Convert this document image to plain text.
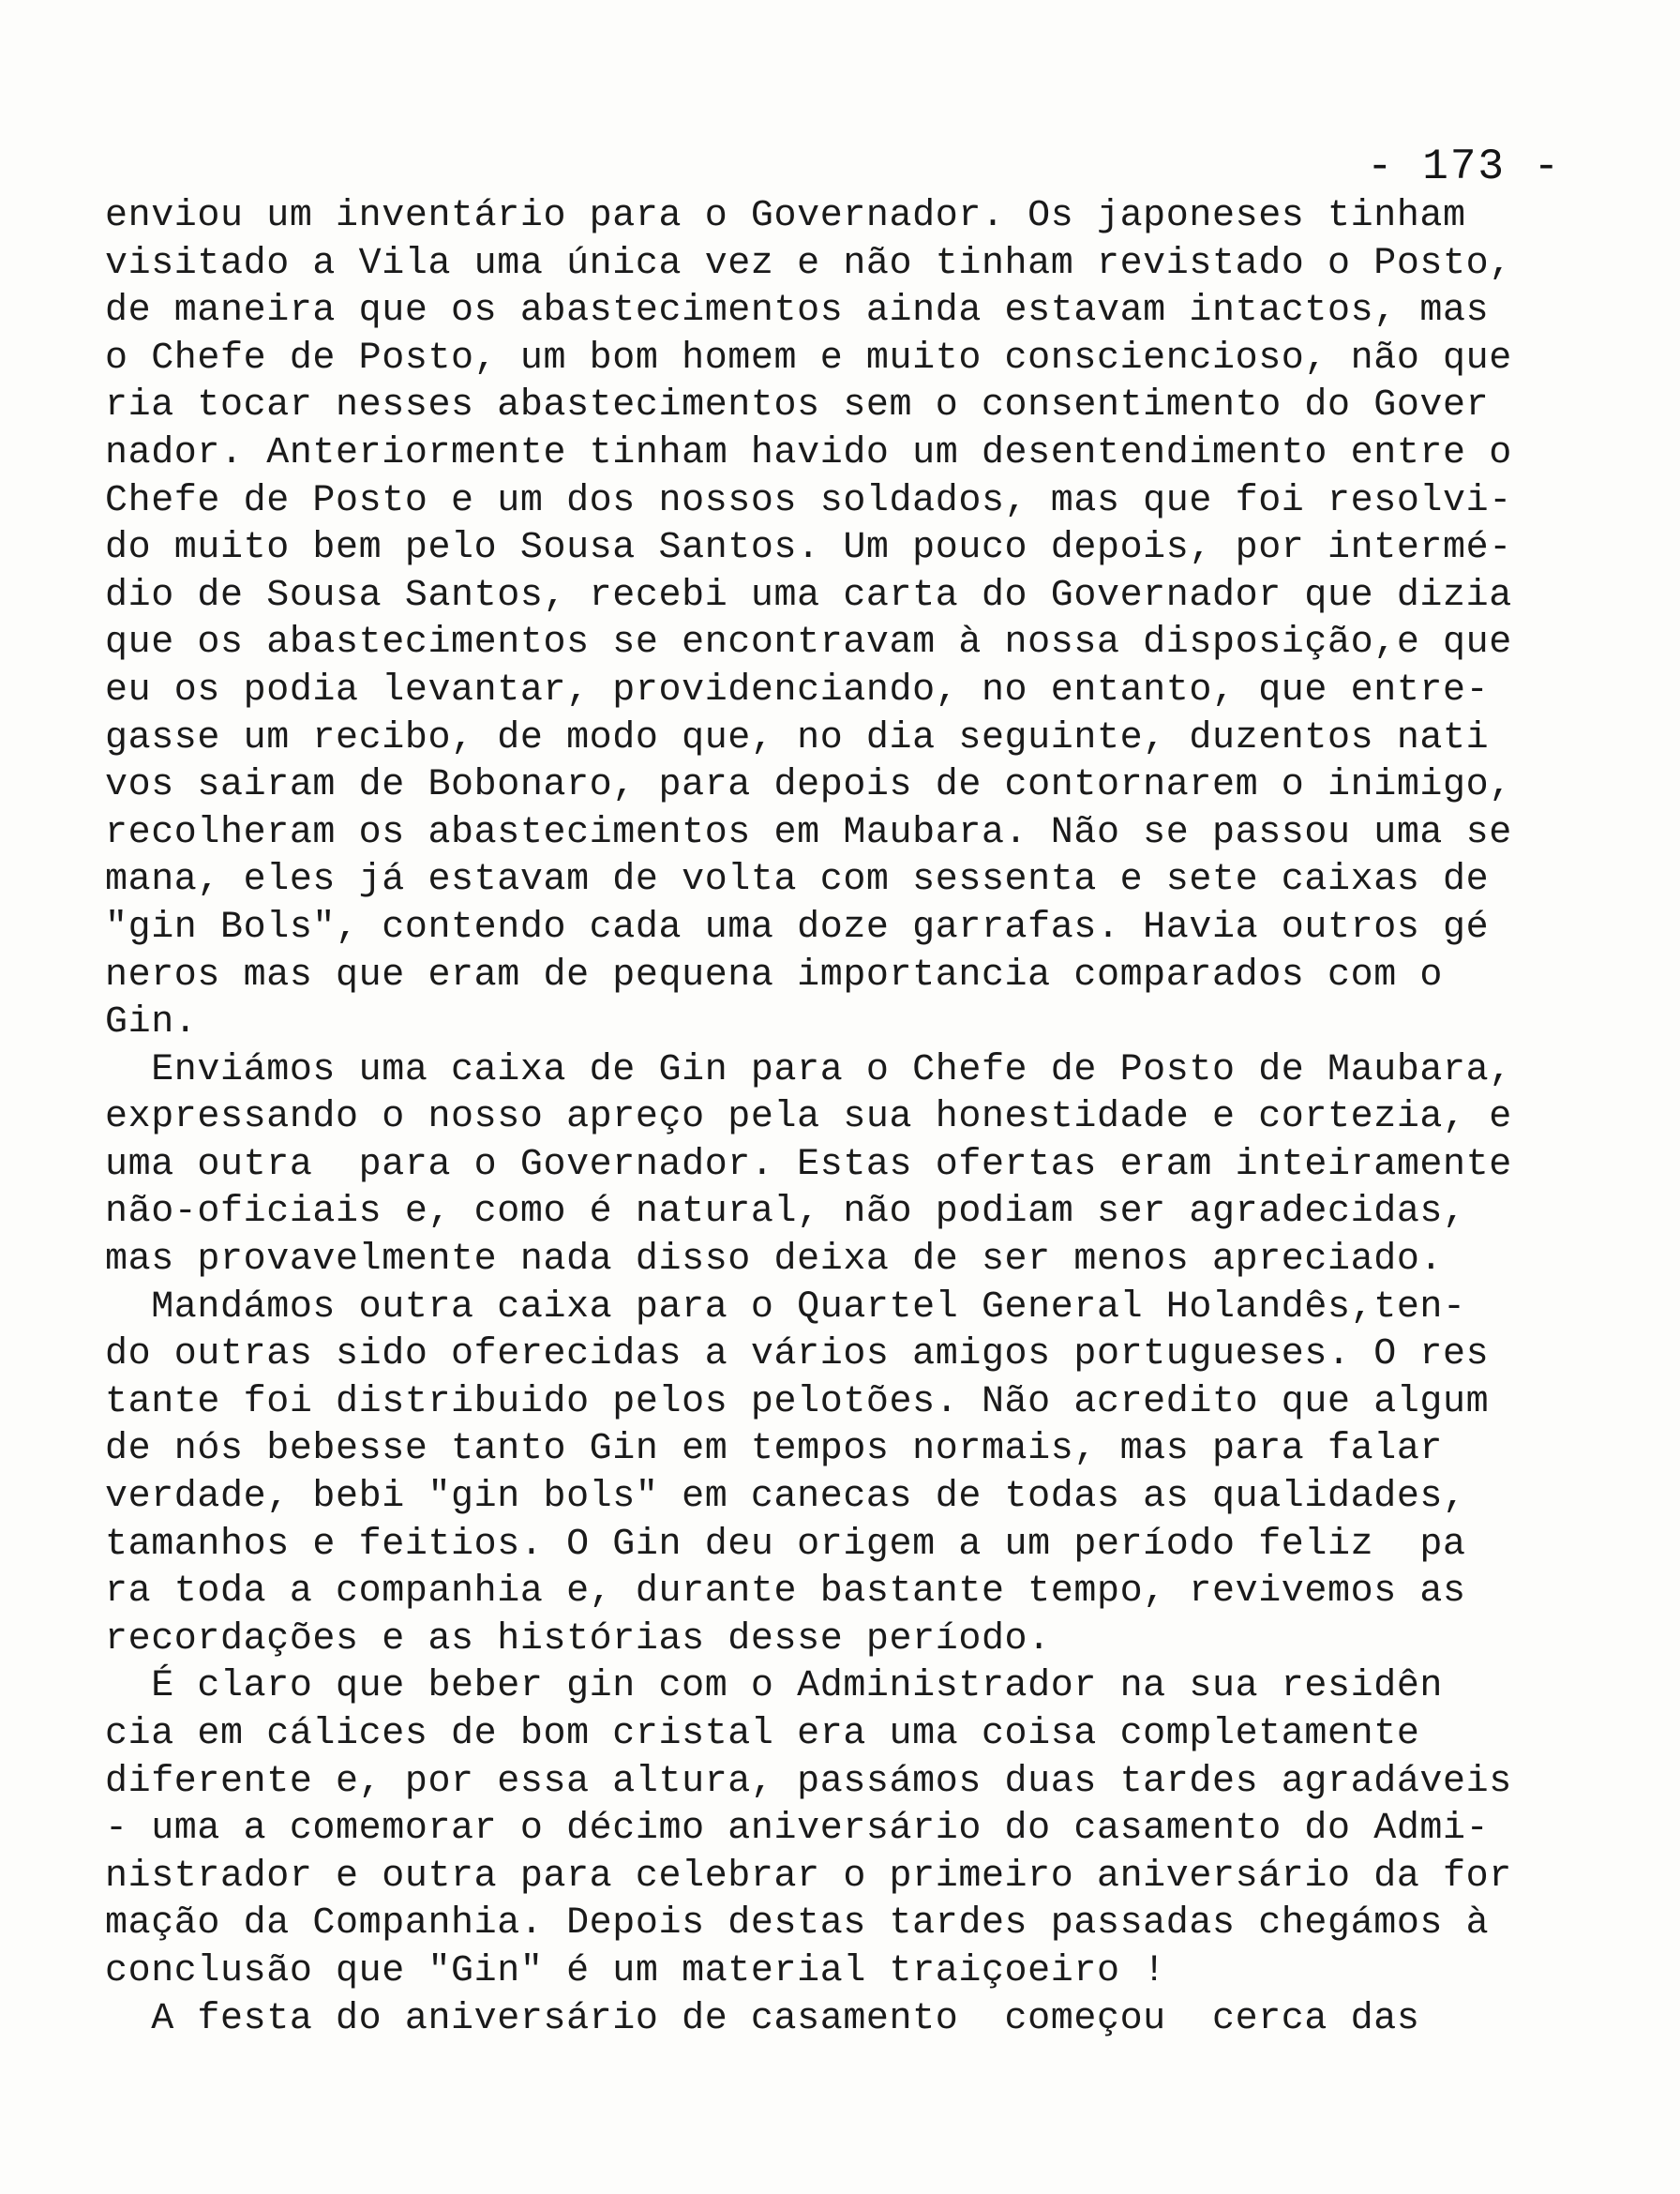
- 173 -
enviou um inventário para o Governador. Os japoneses tinham
visitado a Vila uma única vez e não tinham revistado o Posto,
de maneira que os abastecimentos ainda estavam intactos, mas
o Chefe de Posto, um bom homem e muito consciencioso, não que
ria tocar nesses abastecimentos sem o consentimento do Gover
nador. Anteriormente tinham havido um desentendimento entre o
Chefe de Posto e um dos nossos soldados, mas que foi resolvi-
do muito bem pelo Sousa Santos. Um pouco depois, por intermé-
dio de Sousa Santos, recebi uma carta do Governador que dizia
que os abastecimentos se encontravam à nossa disposição,e que
eu os podia levantar, providenciando, no entanto, que entre-
gasse um recibo, de modo que, no dia seguinte, duzentos nati
vos sairam de Bobonaro, para depois de contornarem o inimigo,
recolheram os abastecimentos em Maubara. Não se passou uma se
mana, eles já estavam de volta com sessenta e sete caixas de
"gin Bols", contendo cada uma doze garrafas. Havia outros gé
neros mas que eram de pequena importancia comparados com o
Gin.
Enviámos uma caixa de Gin para o Chefe de Posto de Maubara,
expressando o nosso apreço pela sua honestidade e cortezia, e
uma outra  para o Governador. Estas ofertas eram inteiramente
não-oficiais e, como é natural, não podiam ser agradecidas,
mas provavelmente nada disso deixa de ser menos apreciado.
Mandámos outra caixa para o Quartel General Holandês,ten-
do outras sido oferecidas a vários amigos portugueses. O res
tante foi distribuido pelos pelotões. Não acredito que algum
de nós bebesse tanto Gin em tempos normais, mas para falar
verdade, bebi "gin bols" em canecas de todas as qualidades,
tamanhos e feitios. O Gin deu origem a um período feliz  pa
ra toda a companhia e, durante bastante tempo, revivemos as
recordações e as histórias desse período.
É claro que beber gin com o Administrador na sua residên
cia em cálices de bom cristal era uma coisa completamente
diferente e, por essa altura, passámos duas tardes agradáveis
- uma a comemorar o décimo aniversário do casamento do Admi-
nistrador e outra para celebrar o primeiro aniversário da for
mação da Companhia. Depois destas tardes passadas chegámos à
conclusão que "Gin" é um material traiçoeiro !
A festa do aniversário de casamento  começou  cerca das
